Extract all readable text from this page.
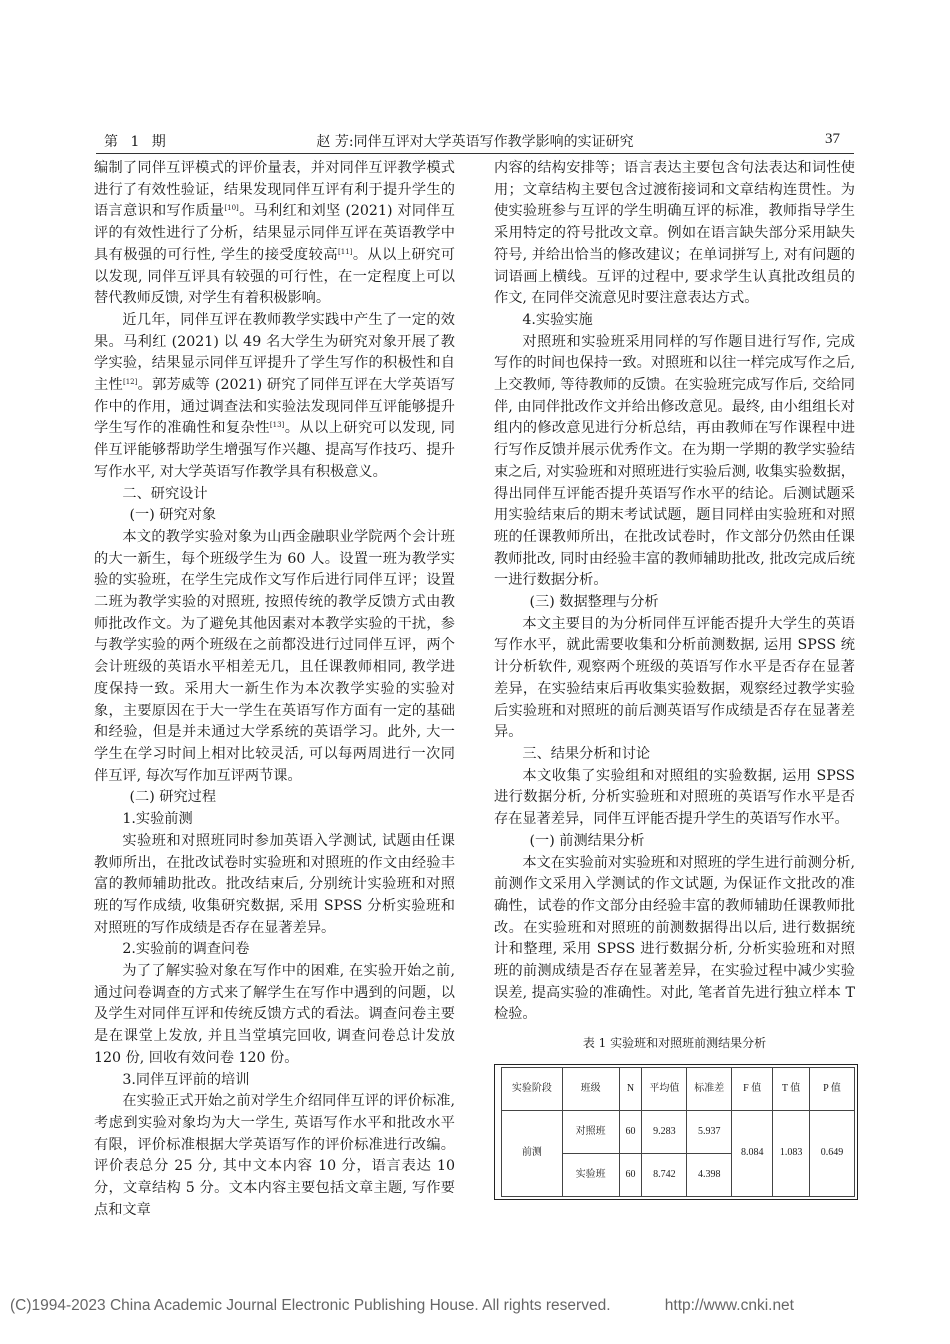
第 1 期	赵 芳:同伴互评对大学英语写作教学影响的实证研究	37

编制了同伴互评模式的评价量表，并对同伴互评教学模式进行了有效性验证，结果发现同伴互评有利于提升学生的语言意识和写作质量[10]。马利红和刘坚 (2021) 对同伴互评的有效性进行了分析，结果显示同伴互评在英语教学中具有极强的可行性, 学生的接受度较高[11]。从以上研究可以发现, 同伴互评具有较强的可行性，在一定程度上可以替代教师反馈, 对学生有着积极影响。

近几年，同伴互评在教师教学实践中产生了一定的效果。马利红 (2021) 以 49 名大学生为研究对象开展了教学实验，结果显示同伴互评提升了学生写作的积极性和自主性[12]。郭芳威等 (2021) 研究了同伴互评在大学英语写作中的作用，通过调查法和实验法发现同伴互评能够提升学生写作的准确性和复杂性[13]。从以上研究可以发现, 同伴互评能够帮助学生增强写作兴趣、提高写作技巧、提升写作水平, 对大学英语写作教学具有积极意义。

二、研究设计

(一) 研究对象

本文的教学实验对象为山西金融职业学院两个会计班的大一新生，每个班级学生为 60 人。设置一班为教学实验的实验班，在学生完成作文写作后进行同伴互评；设置二班为教学实验的对照班, 按照传统的教学反馈方式由教师批改作文。为了避免其他因素对本教学实验的干扰，参与教学实验的两个班级在之前都没进行过同伴互评，两个会计班级的英语水平相差无几，且任课教师相同, 教学进度保持一致。采用大一新生作为本次教学实验的实验对象，主要原因在于大一学生在英语写作方面有一定的基础和经验，但是并未通过大学系统的英语学习。此外, 大一学生在学习时间上相对比较灵活, 可以每两周进行一次同伴互评, 每次写作加互评两节课。

(二) 研究过程

1.实验前测

实验班和对照班同时参加英语入学测试, 试题由任课教师所出，在批改试卷时实验班和对照班的作文由经验丰富的教师辅助批改。批改结束后, 分别统计实验班和对照班的写作成绩, 收集研究数据, 采用 SPSS 分析实验班和对照班的写作成绩是否存在显著差异。

2.实验前的调查问卷

为了了解实验对象在写作中的困难, 在实验开始之前, 通过问卷调查的方式来了解学生在写作中遇到的问题，以及学生对同伴互评和传统反馈方式的看法。调查问卷主要是在课堂上发放, 并且当堂填完回收, 调查问卷总计发放 120 份, 回收有效问卷 120 份。

3.同伴互评前的培训

在实验正式开始之前对学生介绍同伴互评的评价标准, 考虑到实验对象均为大一学生, 英语写作水平和批改水平有限，评价标准根据大学英语写作的评价标准进行改编。评价表总分 25 分, 其中文本内容 10 分，语言表达 10 分，文章结构 5 分。文本内容主要包括文章主题, 写作要点和文章

内容的结构安排等；语言表达主要包含句法表达和词性使用；文章结构主要包含过渡衔接词和文章结构连贯性。为使实验班参与互评的学生明确互评的标准，教师指导学生采用特定的符号批改文章。例如在语言缺失部分采用缺失符号, 并给出恰当的修改建议；在单词拼写上, 对有问题的词语画上横线。互评的过程中, 要求学生认真批改组员的作文, 在同伴交流意见时要注意表达方式。

4.实验实施

对照班和实验班采用同样的写作题目进行写作, 完成写作的时间也保持一致。对照班和以往一样完成写作之后, 上交教师, 等待教师的反馈。在实验班完成写作后, 交给同伴, 由同伴批改作文并给出修改意见。最终, 由小组组长对组内的修改意见进行分析总结，再由教师在写作课程中进行写作反馈并展示优秀作文。在为期一学期的教学实验结束之后, 对实验班和对照班进行实验后测, 收集实验数据，得出同伴互评能否提升英语写作水平的结论。后测试题采用实验结束后的期末考试试题，题目同样由实验班和对照班的任课教师所出，在批改试卷时，作文部分仍然由任课教师批改, 同时由经验丰富的教师辅助批改, 批改完成后统一进行数据分析。

(三) 数据整理与分析

本文主要目的为分析同伴互评能否提升大学生的英语写作水平，就此需要收集和分析前测数据, 运用 SPSS 统计分析软件, 观察两个班级的英语写作水平是否存在显著差异，在实验结束后再收集实验数据，观察经过教学实验后实验班和对照班的前后测英语写作成绩是否存在显著差异。

三、结果分析和讨论

本文收集了实验组和对照组的实验数据, 运用 SPSS 进行数据分析, 分析实验班和对照班的英语写作水平是否存在显著差异，同伴互评能否提升学生的英语写作水平。

(一) 前测结果分析

本文在实验前对实验班和对照班的学生进行前测分析, 前测作文采用入学测试的作文试题, 为保证作文批改的准确性，试卷的作文部分由经验丰富的教师辅助任课教师批改。在实验班和对照班的前测数据得出以后, 进行数据统计和整理, 采用 SPSS 进行数据分析, 分析实验班和对照班的前测成绩是否存在显著差异，在实验过程中减少实验误差, 提高实验的准确性。对此, 笔者首先进行独立样本 T 检验。

表 1 实验班和对照班前测结果分析
实验阶段	班级	N	平均值	标准差	F 值	T 值	P 值
前测	对照班	60	9.283	5.937	8.084	1.083	0.649
	实验班	60	8.742	4.398			
(C)1994-2023 China Academic Journal Electronic Publishing House. All rights reserved.	http://www.cnki.net
